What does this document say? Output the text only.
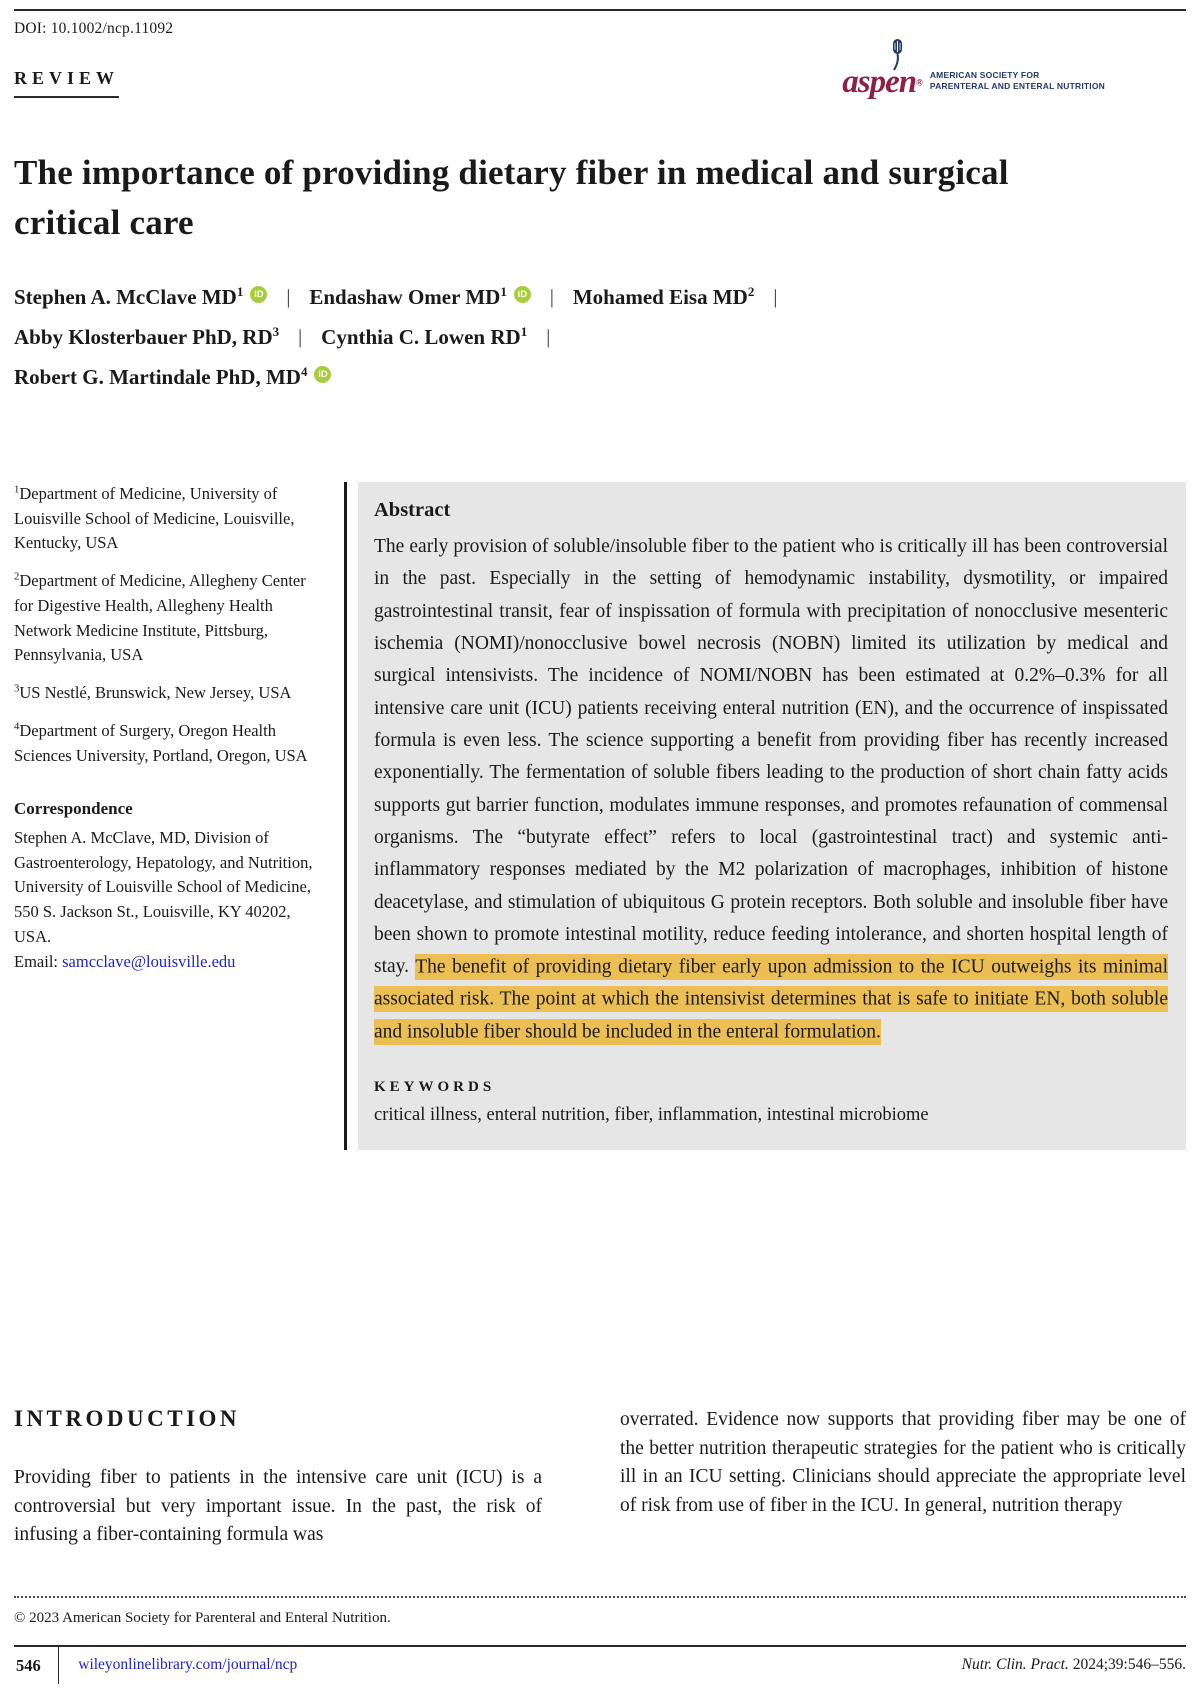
DOI: 10.1002/ncp.11092
aspen®
AMERICAN SOCIETY FOR
PARENTERAL AND ENTERAL NUTRITION
REVIEW
The importance of providing dietary fiber in medical and surgical critical care
Stephen A. McClave $MD^1$ iD | Endashaw Omer $MD^1$ iD | Mohamed Eisa $MD^2$ |
Abby Klosterbauer PhD, $RD^3$ | Cynthia C. Lowen $RD^1$ |
Robert G. Martindale PhD, $MD^4$ iD
$^1$Department of Medicine, University of Louisville School of Medicine, Louisville, Kentucky, USA
$^2$Department of Medicine, Allegheny Center for Digestive Health, Allegheny Health Network Medicine Institute, Pittsburg, Pennsylvania, USA
$^3$US Nestlé, Brunswick, New Jersey, USA
$^4$Department of Surgery, Oregon Health Sciences University, Portland, Oregon, USA
Correspondence
Stephen A. McClave, MD, Division of Gastroenterology, Hepatology, and Nutrition, University of Louisville School of Medicine, 550 S. Jackson St., Louisville, KY 40202, USA.
Email: samcclave@louisville.edu
Abstract

The early provision of soluble/insoluble fiber to the patient who is critically ill has been controversial in the past. Especially in the setting of hemodynamic instability, dysmotility, or impaired gastrointestinal transit, fear of inspissation of formula with precipitation of nonocclusive mesenteric ischemia (NOMI)/nonocclusive bowel necrosis (NOBN) limited its utilization by medical and surgical intensivists. The incidence of NOMI/NOBN has been estimated at 0.2%–0.3% for all intensive care unit (ICU) patients receiving enteral nutrition (EN), and the occurrence of inspissated formula is even less. The science supporting a benefit from providing fiber has recently increased exponentially. The fermentation of soluble fibers leading to the production of short chain fatty acids supports gut barrier function, modulates immune responses, and promotes refaunation of commensal organisms. The “butyrate effect” refers to local (gastrointestinal tract) and systemic anti-inflammatory responses mediated by the M2 polarization of macrophages, inhibition of histone deacetylase, and stimulation of ubiquitous G protein receptors. Both soluble and insoluble fiber have been shown to promote intestinal motility, reduce feeding intolerance, and shorten hospital length of stay. The benefit of providing dietary fiber early upon admission to the ICU outweighs its minimal associated risk. The point at which the intensivist determines that is safe to initiate EN, both soluble and insoluble fiber should be included in the enteral formulation.

KEYWORDS
critical illness, enteral nutrition, fiber, inflammation, intestinal microbiome
INTRODUCTION

Providing fiber to patients in the intensive care unit (ICU) is a controversial but very important issue. In the past, the risk of infusing a fiber-containing formula was

overrated. Evidence now supports that providing fiber may be one of the better nutrition therapeutic strategies for the patient who is critically ill in an ICU setting. Clinicians should appreciate the appropriate level of risk from use of fiber in the ICU. In general, nutrition therapy

© 2023 American Society for Parenteral and Enteral Nutrition.
546	wileyonlinelibrary.com/journal/ncp	Nutr. Clin. Pract. 2024;39:546–556.
